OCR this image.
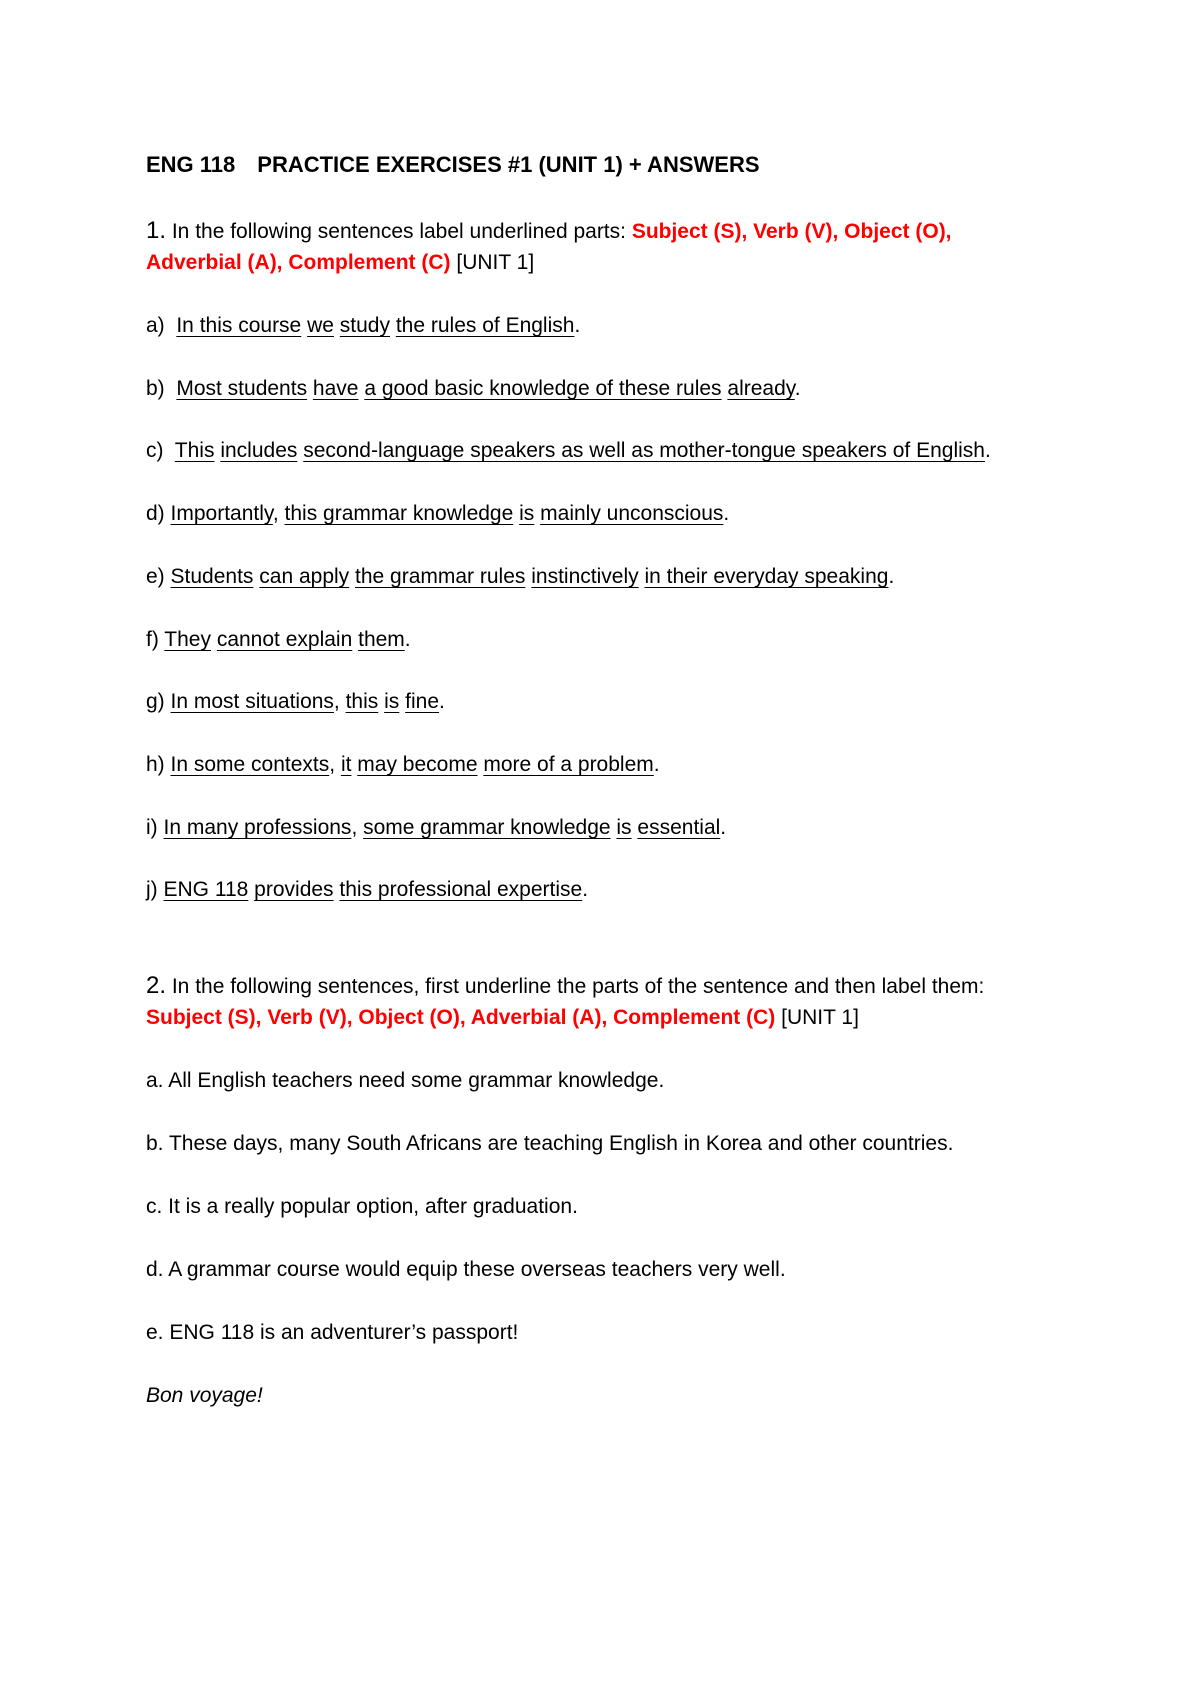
ENG 118 PRACTICE EXERCISES #1 (UNIT 1) + ANSWERS
1. In the following sentences label underlined parts: Subject (S), Verb (V), Object (O),
Adverbial (A), Complement (C) [UNIT 1]
a)  In this course we study the rules of English.
b)  Most students have a good basic knowledge of these rules already.
c)  This includes second-language speakers as well as mother-tongue speakers of English.
d) Importantly, this grammar knowledge is mainly unconscious.
e) Students can apply the grammar rules instinctively in their everyday speaking.
f) They cannot explain them.
g) In most situations, this is fine.
h) In some contexts, it may become more of a problem.
i) In many professions, some grammar knowledge is essential.
j) ENG 118 provides this professional expertise.
2. In the following sentences, first underline the parts of the sentence and then label them:
Subject (S), Verb (V), Object (O), Adverbial (A), Complement (C) [UNIT 1]
a. All English teachers need some grammar knowledge.
b. These days, many South Africans are teaching English in Korea and other countries.
c. It is a really popular option, after graduation.
d. A grammar course would equip these overseas teachers very well.
e. ENG 118 is an adventurer’s passport!
Bon voyage!
